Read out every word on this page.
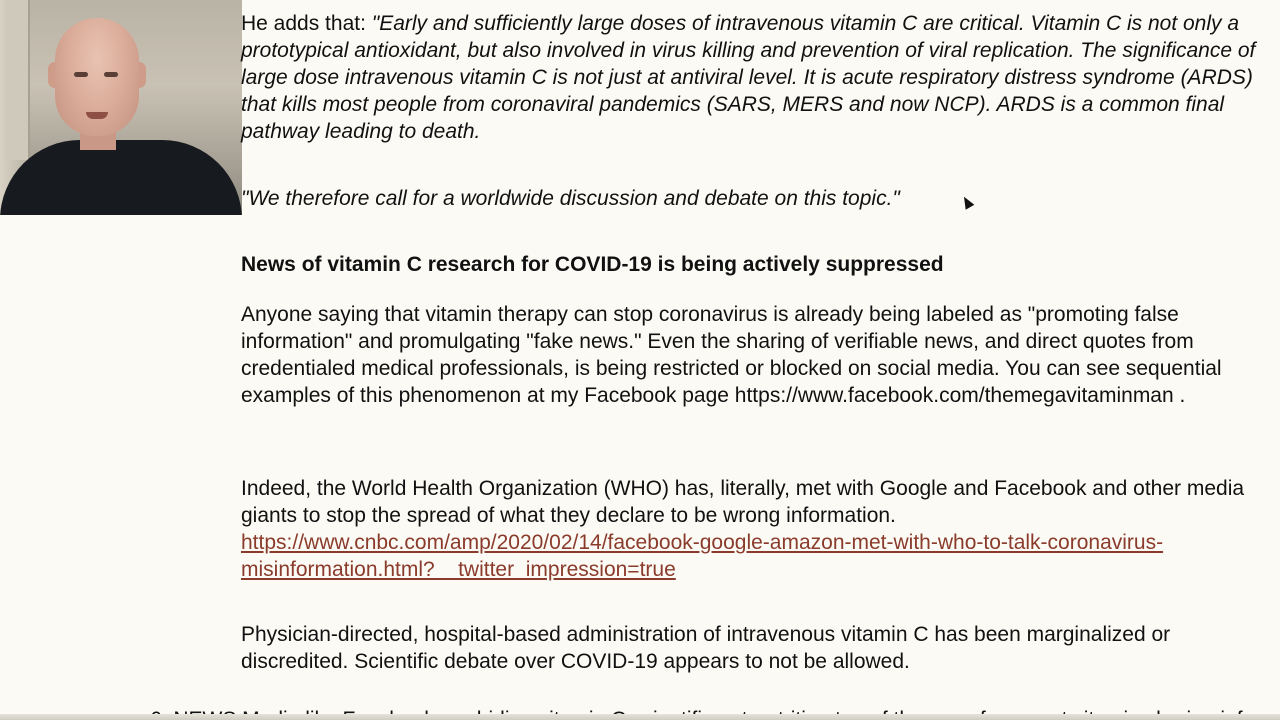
He adds that: "Early and sufficiently large doses of intravenous vitamin C are critical. Vitamin C is not only a prototypical antioxidant, but also involved in virus killing and prevention of viral replication. The significance of large dose intravenous vitamin C is not just at antiviral level. It is acute respiratory distress syndrome (ARDS) that kills most people from coronaviral pandemics (SARS, MERS and now NCP). ARDS is a common final pathway leading to death.

"We therefore call for a worldwide discussion and debate on this topic."

News of vitamin C research for COVID-19 is being actively suppressed

Anyone saying that vitamin therapy can stop coronavirus is already being labeled as "promoting false information" and promulgating "fake news." Even the sharing of verifiable news, and direct quotes from credentialed medical professionals, is being restricted or blocked on social media. You can see sequential examples of this phenomenon at my Facebook page https://www.facebook.com/themegavitaminman .

Indeed, the World Health Organization (WHO) has, literally, met with Google and Facebook and other media giants to stop the spread of what they declare to be wrong information.
https://www.cnbc.com/amp/2020/02/14/facebook-google-amazon-met-with-who-to-talk-coronavirus-misinformation.html?__twitter_impression=true

Physician-directed, hospital-based administration of intravenous vitamin C has been marginalized or discredited. Scientific debate over COVID-19 appears to not be allowed.
